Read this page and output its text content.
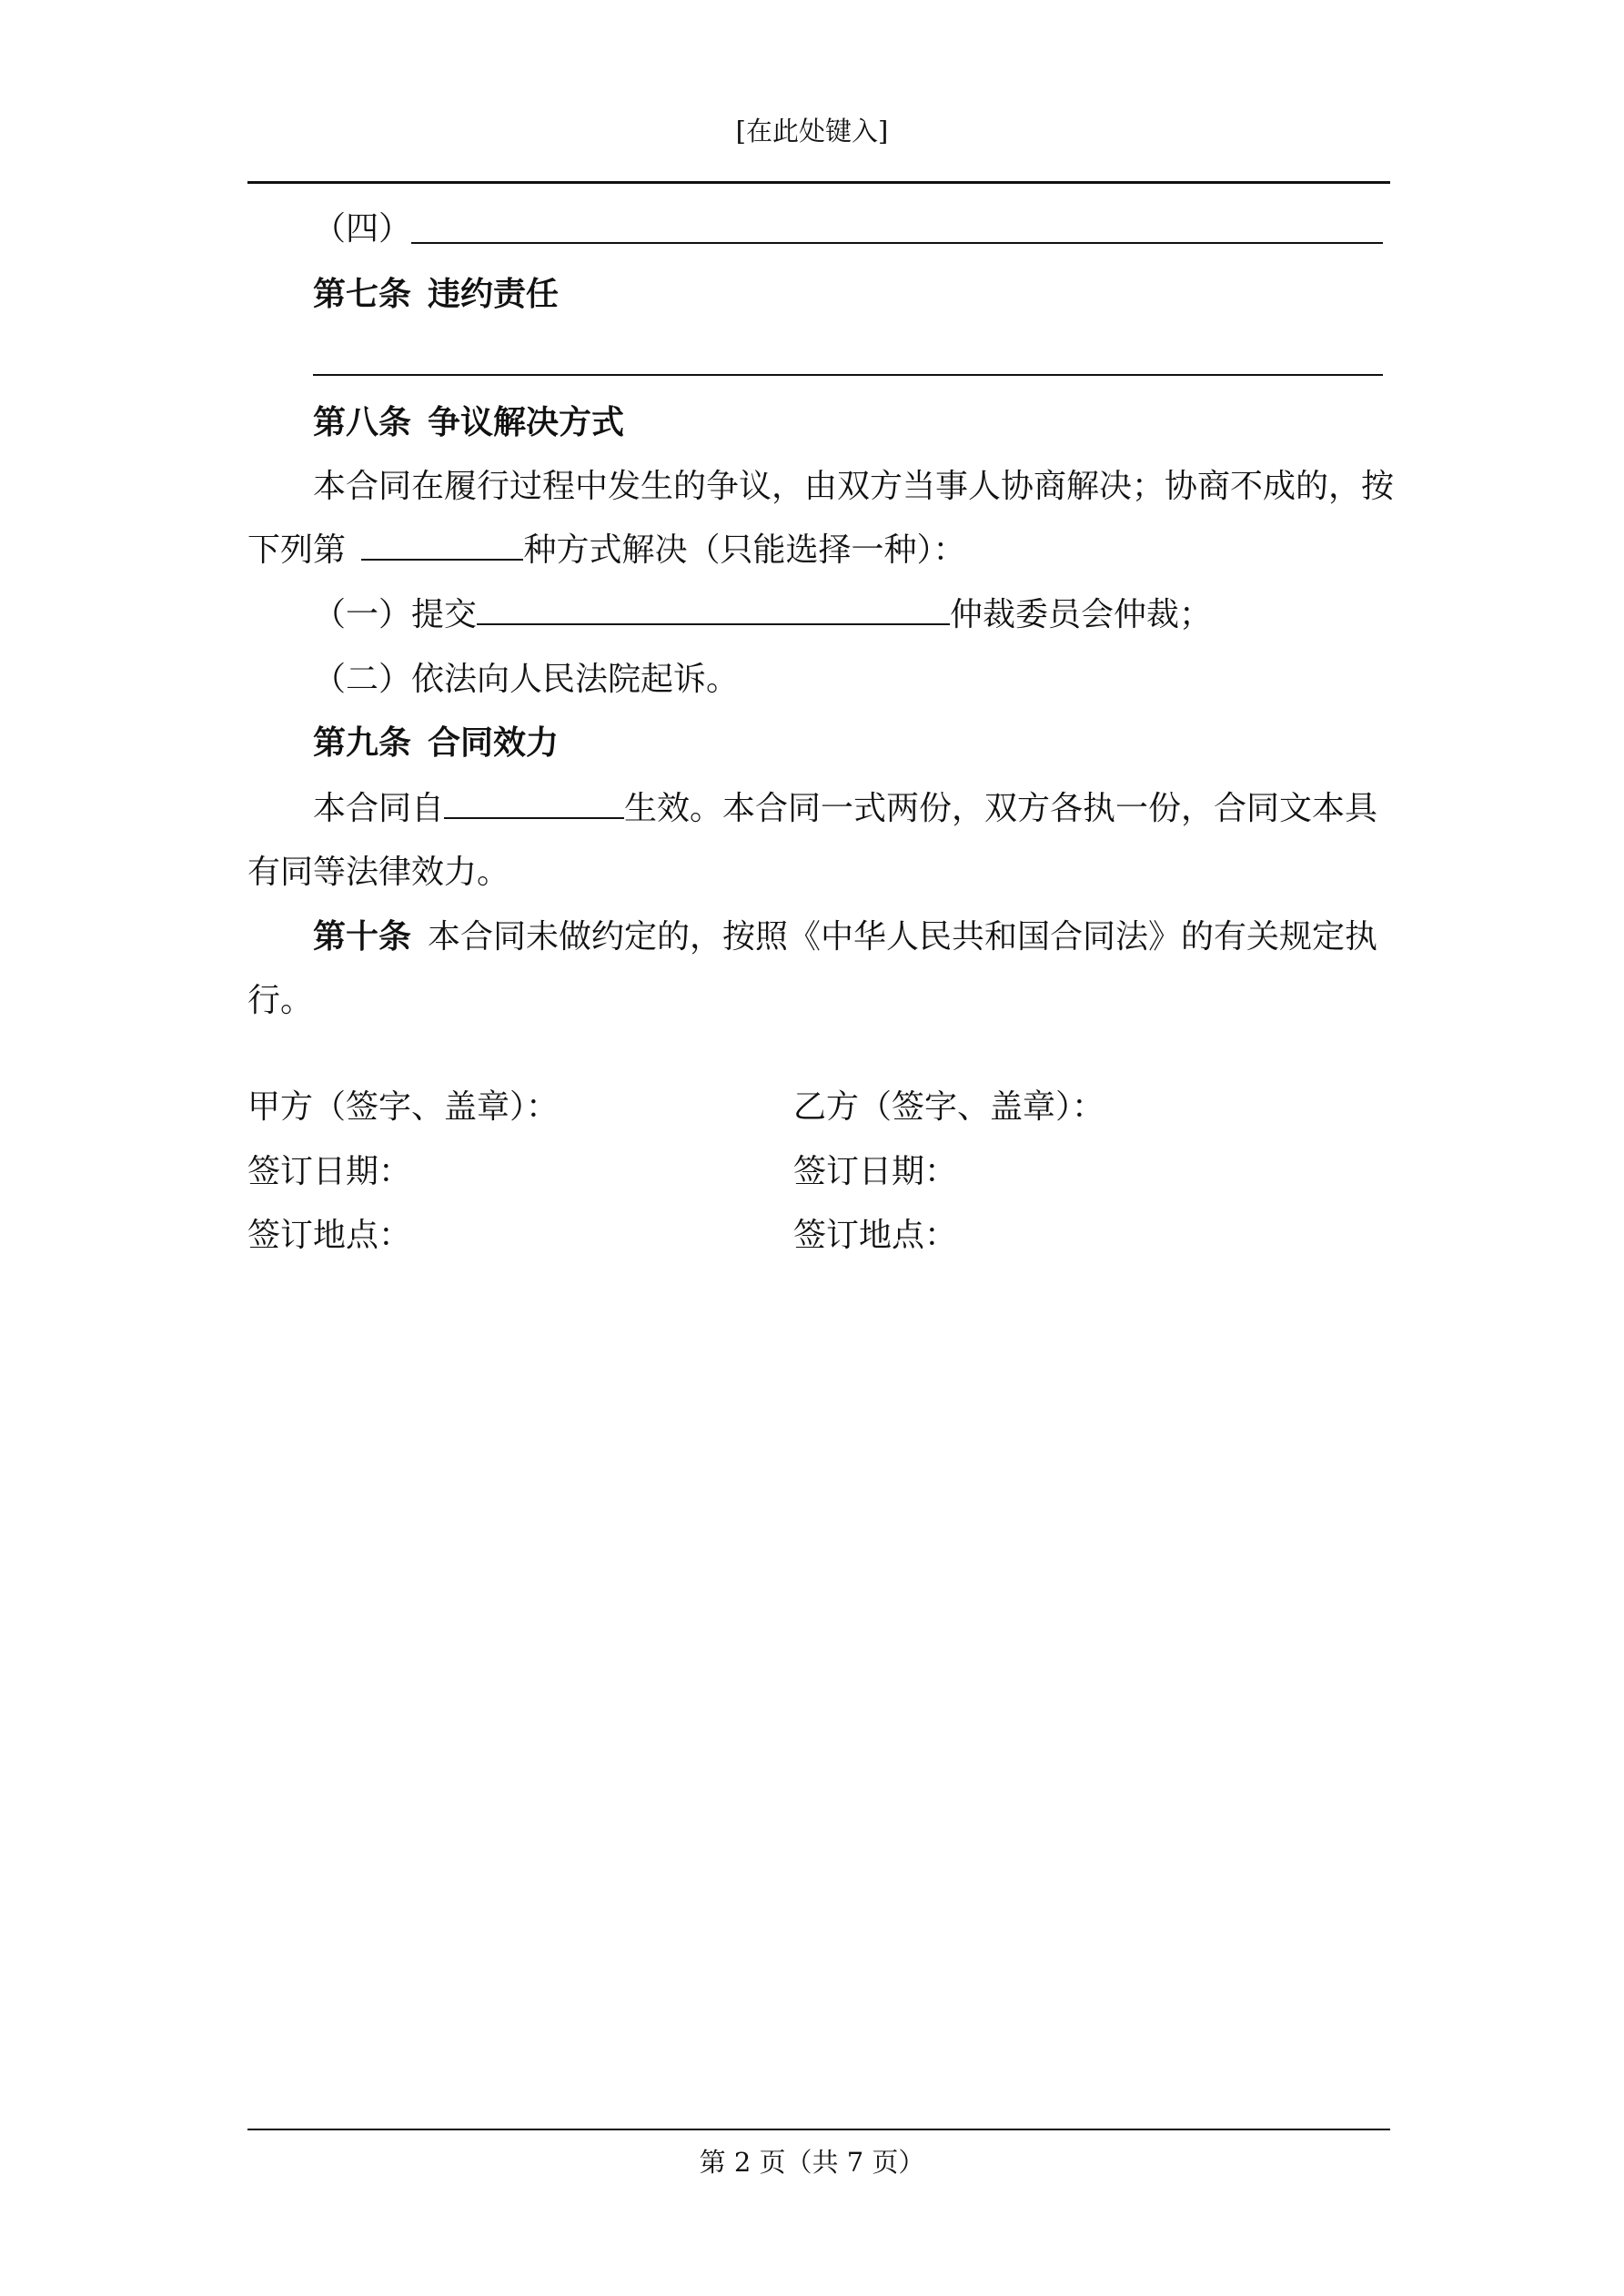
[在此处键入]
（四）
第七条 违约责任
第八条 争议解决方式
本合同在履行过程中发生的争议，由双方当事人协商解决；协商不成的，按
下列第	种方式解决（只能选择一种）：
（一）提交	仲裁委员会仲裁；
（二）依法向人民法院起诉。
第九条 合同效力
本合同自	生效。本合同一式两份，双方各执一份，合同文本具
有同等法律效力。
第十条 本合同未做约定的，按照《中华人民共和国合同法》的有关规定执
行。
甲方（签字、盖章）：	乙方（签字、盖章）：
签订日期：	签订日期：
签订地点：	签订地点：
第 2 页（共 7 页）
